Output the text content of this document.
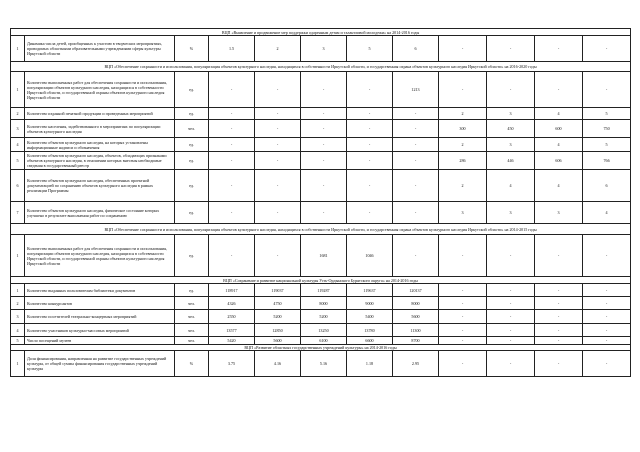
ВЦП «Выявление и продвижение мер поддержки одаренным детям и талантливой молодежи» на 2014-2016 годы											
1	Динамика числа детей, приобщенных к участию в творческих мероприятиях, проводимых областными образовательными учреждениями сферы культуры Иркутской области	%	1.5	2	3	5	6	-	-	-	-
ВЦП «Обеспечение сохранности и использования, популяризация объектов культурного наследия, находящихся в собственности Иркутской области, и государственная охрана объектов культурного наследия Иркутской области» на 2016-2020 годы											
1	Количество выполненных работ для обеспечения сохранности и использования, популяризации объектов культурного наследия, находящихся в собственности Иркутской области, и государственной охраны объектов культурного наследия Иркутской области	ед.	-	-	-	-	1213	-	-	-	-
2	Количество изданной печатной продукции и проведенных мероприятий	ед.	-	-	-	-	-	2	3	4	5
3	Количество населения, задействованного в мероприятиях по популяризации объектов культурного наследия	чел.	-	-	-	-	-	300	450	600	750
4	Количество объектов культурного наследия, на которых установлены информационные надписи и обозначения	ед.	-	-	-	-	-	2	3	4	5
5	Количество объектов культурного наследия, объектов, обладающих признаками объектов культурного наследия, в отношении которых внесены необходимые сведения в государственный реестр	ед.	-	-	-	-	-	286	446	606	766
6	Количество объектов культурного наследия, обеспеченных проектной документацией по сохранению объектов культурного наследия в рамках реализации Программы	ед.	-	-	-	-	-	2	4	4	6
7	Количество объектов культурного наследия, физическое состояние которых улучшено в результате выполнения работ по сохранению	ед.	-	-	-	-	-	3	3	3	4
ВЦП «Обеспечение сохранности и использования, популяризация объектов культурного наследия, находящихся в собственности Иркутской области, и государственная охрана объектов культурного наследия Иркутской области» на 2014-2015 годы											
1	Количество выполненных работ для обеспечения сохранности и использования, популяризации объектов культурного наследия, находящихся в собственности Иркутской области, и государственной охраны объектов культурного наследия Иркутской области	ед.	-	-	1681	1046	-	-	-	-	-
ВЦП «Сохранение и развитие национальной культуры Усть-Ордынского Бурятского округа» на 2014-2016 годы											
1	Количество выданных пользователям библиотеки документов	ед.	118917	119037	119287	119637	120137	-	-	-	-
2	Количество конкурсантов	чел.	4326	4750	8000	9000	8000	-	-	-	-
3	Количество посетителей театрально-концертных мероприятий	чел.	2550	5200	5200	5400	5600	-	-	-	-
4	Количество участников культурно-массовых мероприятий	чел.	13577	12850	13250	13780	11300	-	-	-	-
5	Число посещений музеев	чел.	5420	5600	6100	6600	8700	-	-	-	-
ВЦП «Развитие областных государственных учреждений культуры» на 2014-2016 годы											
1	Доля финансирования, направленная на развитие государственных учреждений культуры, от общей суммы финансирования государственных учреждений культуры	%	3.75	4.16	5.16	1.18	2.95	-	-	-	-
